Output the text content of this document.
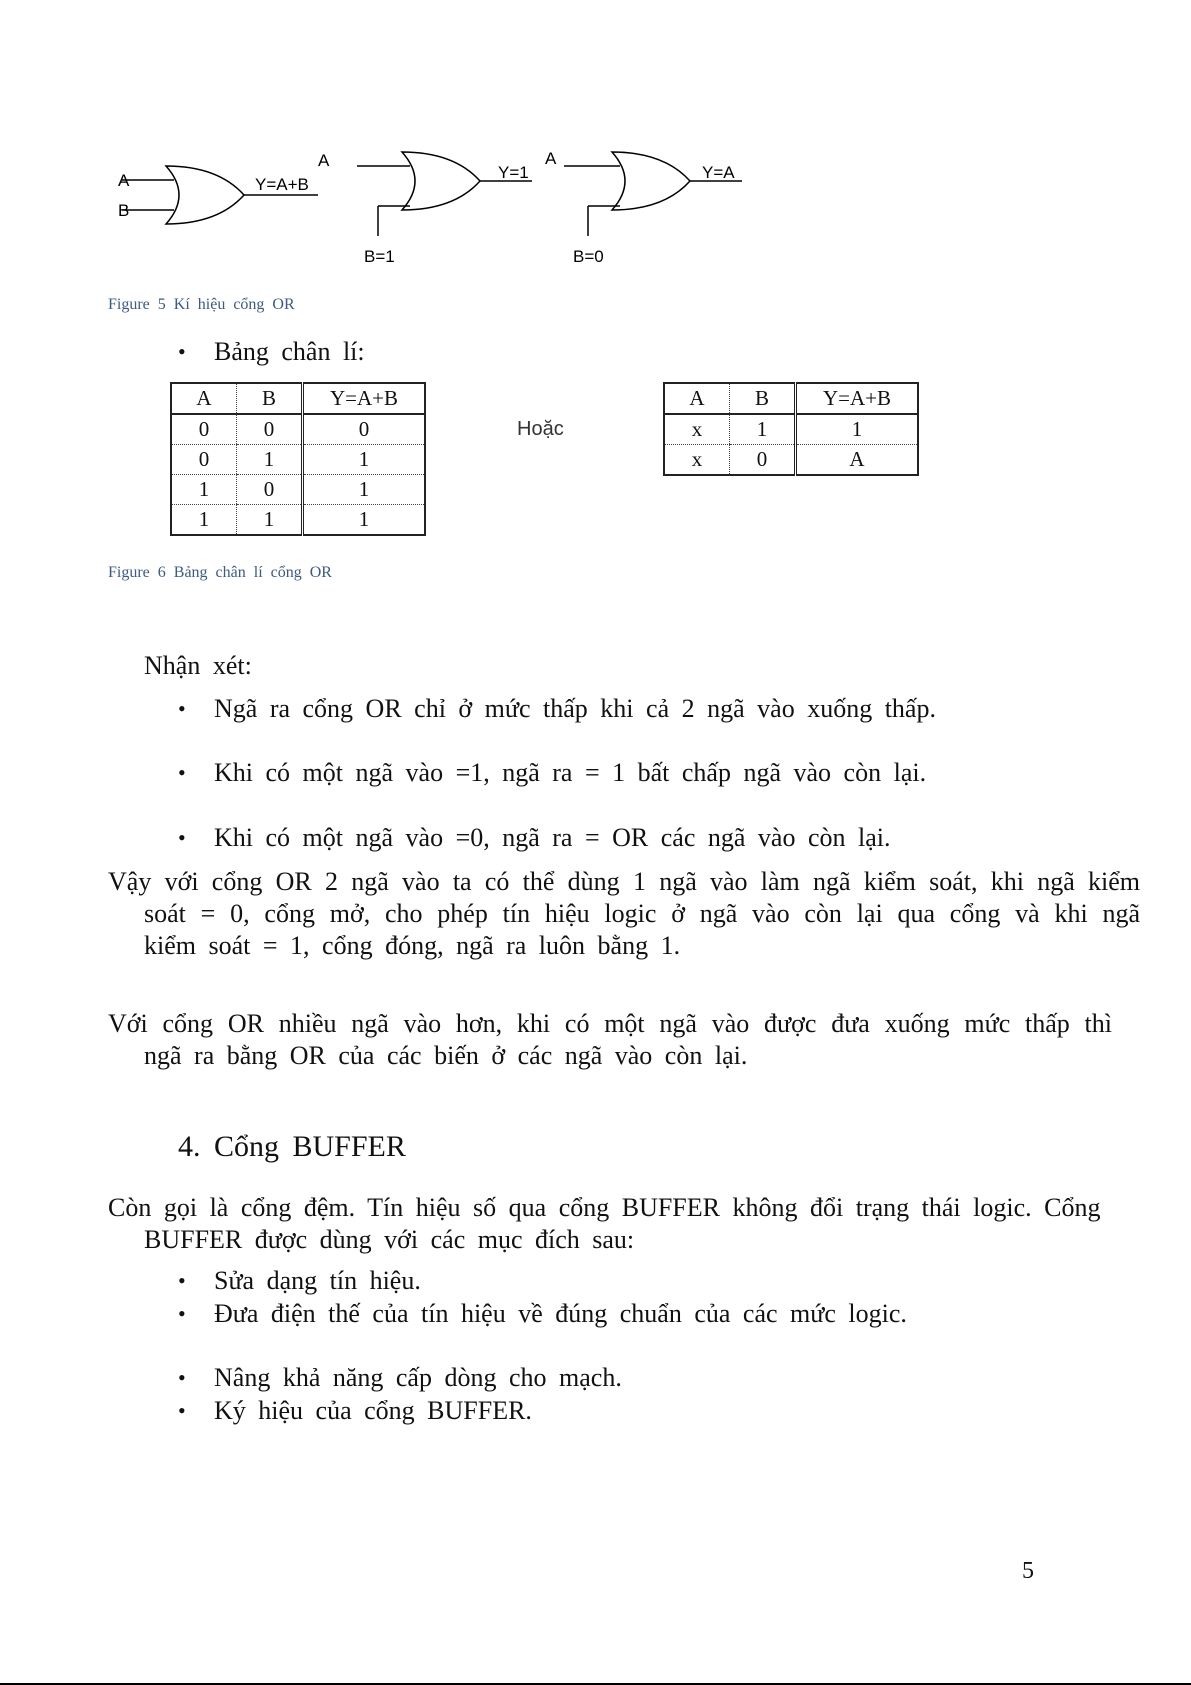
A
B
Y=A+B
A
B=1
Y=1
A
B=0
Y=A
Figure 5 Kí hiệu cổng OR
•	Bảng chân lí:
A	B	Y=A+B
0	0	0
0	1	1
1	0	1
1	1	1
Hoặc
A	B	Y=A+B
x	1	1
x	0	A
Figure 6 Bảng chân lí cổng OR
Nhận xét:
•	Ngã ra cổng OR chỉ ở mức thấp khi cả 2 ngã vào xuống thấp.
•	Khi có một ngã vào =1, ngã ra = 1 bất chấp ngã vào còn lại.
•	Khi có một ngã vào =0, ngã ra = OR các ngã vào còn lại.
Vậy với cổng OR 2 ngã vào ta có thể dùng 1 ngã vào làm ngã kiểm soát, khi ngã kiểm soát = 0, cổng mở, cho phép tín hiệu logic ở ngã vào còn lại qua cổng và khi ngã kiểm soát = 1, cổng đóng, ngã ra luôn bằng 1.
Với cổng OR nhiều ngã vào hơn, khi có một ngã vào được đưa xuống mức thấp thì ngã ra bằng OR của các biến ở các ngã vào còn lại.
4. Cổng BUFFER
Còn gọi là cổng đệm. Tín hiệu số qua cổng BUFFER không đổi trạng thái logic. Cổng BUFFER được dùng với các mục đích sau:
•	Sửa dạng tín hiệu.
•	Đưa điện thế của tín hiệu về đúng chuẩn của các mức logic.
•	Nâng khả năng cấp dòng cho mạch.
•	Ký hiệu của cổng BUFFER.
5
